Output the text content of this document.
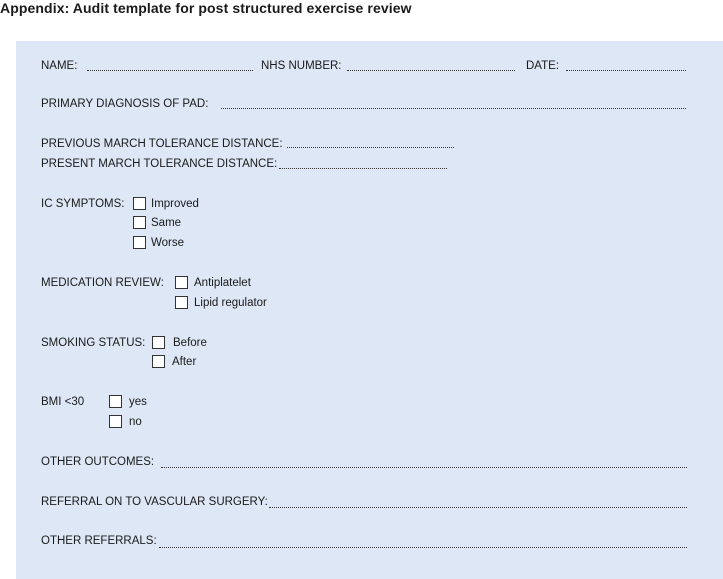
Appendix: Audit template for post structured exercise review
NAME:	NHS NUMBER:	DATE:
PRIMARY DIAGNOSIS OF PAD:
PREVIOUS MARCH TOLERANCE DISTANCE:
PRESENT MARCH TOLERANCE DISTANCE:
IC SYMPTOMS: Improved
Same
Worse
MEDICATION REVIEW:	Antiplatelet
Lipid regulator
SMOKING STATUS: Before
After
BMI <30	yes
no
OTHER OUTCOMES:
REFERRAL ON TO VASCULAR SURGERY:
OTHER REFERRALS:
